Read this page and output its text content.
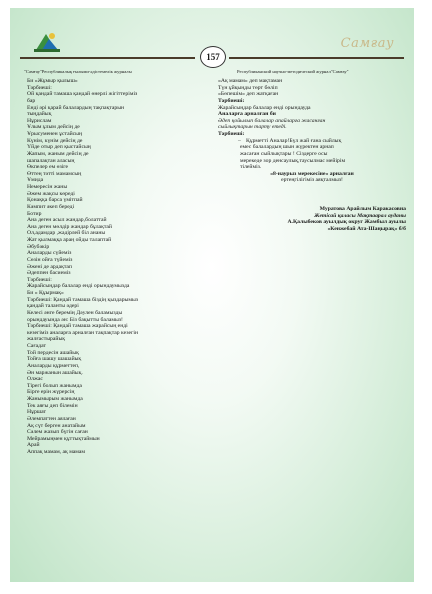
Самғау
157
"Самғау"Республикалық ғылыми-әдістемелік журналы	Республиканский научно-методический журнал"Самғау"
Би «Жұмыр қылыш»
Тәрбиеші:
Ой қандай тамаша қандай өнерлі жігіттеріміз
бар
Енді әрі қарай балалардың тақпақтарын
тыңдайық
Нұрислам
Ұлым ұлым дейсің де
Ұрысуменен ұстайсың
Күнім, күнім дейсің де
Үйде отыр деп қыстайсың
Жапым, жаным дейсің де
шапалақтан аласың
Өкпелер ем өзіге
Өттең тәтті мамамсың
Ұмида
Немересін жаны
Әжем жақсы көреді
Қонаққа барса үмітпай
Кәмпит әкеп береді
Ботир
Ана деген асыл жандар,болаттай
Ана деген мөлдір жандар бұлақтай
Ол,адамдар ,жадірлей біл ананы
Жат қылмаққа араң ойды талаптай
Әбубәкір
Аналарды сүйеміз
Сөзін ойға түйеміз
Әжені де ардақтап
Әдеппен басиеміз
Тәрбиеші:
Жарайсыңдар балалар енді орындаумызда
Би « Құырмақ»
Тәрбиеші: Қандай тамаша біздің қыздарымыз
қандай таланты әдері
Келесі әнге беремің Дәулен баламызды
орындауында ән: Біз бақытты баламыз!
Тәрбиеші: Қандай тамаша жарайсың енді
кезегіміз аналарға арналған тақпақтар кезегін
жалғастырайық
Сағадат
Той пердесін ашайық
Тойға шашу шашайық
Аналарды құрметтеп,
Ән маржанын ашайық.
Олжас
Тірегі болып жанымда
Бірге ерін жүрерсің
Жанымырым жанымда
Тек аяғы деп білемін
Нұршат
Әлемпаттен аялаған
Ақ сүт берген анатайым
Сәлем жазып бүгін саған
Мейрамыңмен құттықтаймын
Арай
Аппақ мамам, ақ мамам
«Ақ мамам» деп мақтаман
Түн ұйқыңды төрт бөліп
«Бөпешім» деп жатқаған
Тәрбиеші:
Жарайсыңдар балалар енді орындауда
Аналарға арналған би
Әдеп қойылып балалар апайларға жасанған
сыйлықтарын тарту етеді.
Тәрбиеші:
– Құрметті Аналар!Бүл жай ғана сыйлық
емес балалардың шын жүректен арнап
жасаған сыйлықтары ! Сіздерге осы
мерекеде зор денсаулық,таусылмас мейірім
тілейміз.
«8-наурыз мерекесіне» арналған
ертеңгілігіміз аяқталмыз!
Муратова Арайлым Каракасовна
Жетісай қаласы Мақтаарал ауданы
А.Қалыбеков ауылдық округ Жамбыл ауылы
«Кенжебай Ата-Шаңырақ» б/б
